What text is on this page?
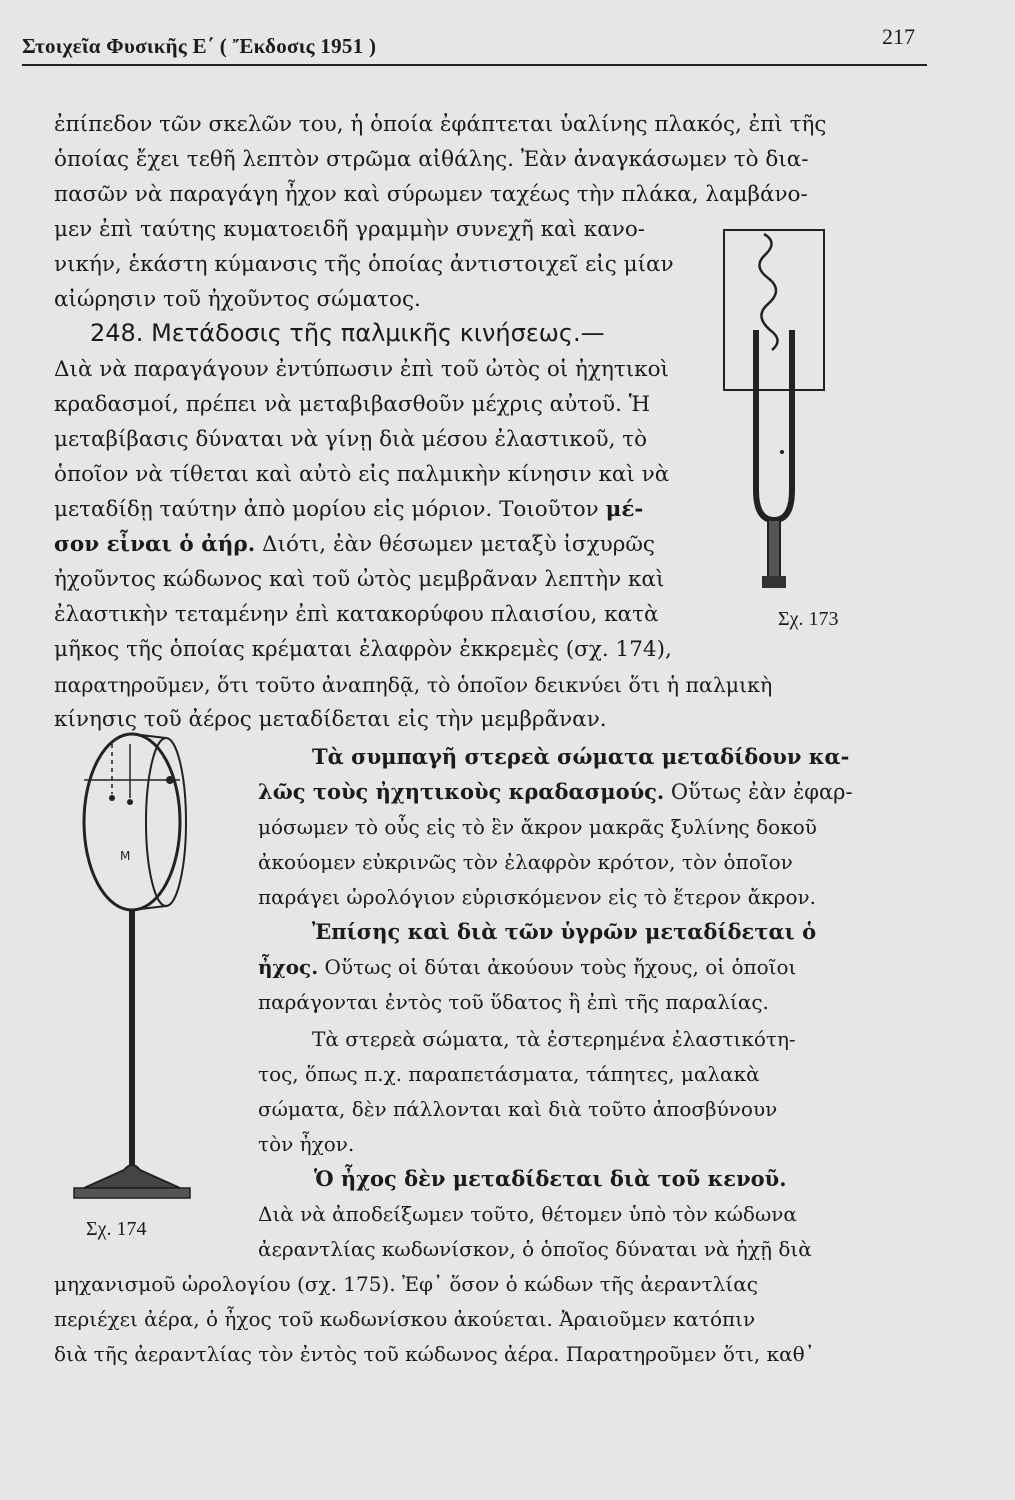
Στοιχεῖα Φυσικῆς Ε΄ ( Ἔκδοσις 1951 )	217
ἐπίπεδον τῶν σκελῶν του, ἡ ὁποία ἐφάπτεται ὑαλίνης πλακός, ἐπὶ τῆς
ὁποίας ἔχει τεθῆ λεπτὸν στρῶμα αἰθάλης. Ἐὰν ἀναγκάσωμεν τὸ δια-
πασῶν νὰ παραγάγη ἦχον καὶ σύρωμεν ταχέως τὴν πλάκα, λαμβάνο-
μεν ἐπὶ ταύτης κυματοειδῆ γραμμὴν συνεχῆ καὶ κανο-
νικήν, ἑκάστη κύμανσις τῆς ὁποίας ἀντιστοιχεῖ εἰς μίαν
αἰώρησιν τοῦ ἠχοῦντος σώματος.
248. Μετάδοσις τῆς παλμικῆς κινήσεως.—
Διὰ νὰ παραγάγουν ἐντύπωσιν ἐπὶ τοῦ ὠτὸς οἱ ἠχητικοὶ
κραδασμοί, πρέπει νὰ μεταβιβασθοῦν μέχρις αὐτοῦ. Ἡ
μεταβίβασις δύναται νὰ γίνῃ διὰ μέσου ἐλαστικοῦ, τὸ
ὁποῖον νὰ τίθεται καὶ αὐτὸ εἰς παλμικὴν κίνησιν καὶ νὰ
μεταδίδῃ ταύτην ἀπὸ μορίου εἰς μόριον. Τοιοῦτον μέ-
σον εἶναι ὁ ἀήρ. Διότι, ἐὰν θέσωμεν μεταξὺ ἰσχυρῶς
ἠχοῦντος κώδωνος καὶ τοῦ ὠτὸς μεμβρᾶναν λεπτὴν καὶ
ἐλαστικὴν τεταμένην ἐπὶ κατακορύφου πλαισίου, κατὰ
μῆκος τῆς ὁποίας κρέμαται ἐλαφρὸν ἐκκρεμὲς (σχ. 174),
παρατηροῦμεν, ὅτι τοῦτο ἀναπηδᾷ, τὸ ὁποῖον δεικνύει ὅτι ἡ παλμικὴ
κίνησις τοῦ ἀέρος μεταδίδεται εἰς τὴν μεμβρᾶναν.
Τὰ συμπαγῆ στερεὰ σώματα μεταδίδουν κα-
λῶς τοὺς ἠχητικοὺς κραδασμούς. Οὕτως ἐὰν ἐφαρ-
μόσωμεν τὸ οὖς εἰς τὸ ἓν ἄκρον μακρᾶς ξυλίνης δοκοῦ
ἀκούομεν εὐκρινῶς τὸν ἐλαφρὸν κρότον, τὸν ὁποῖον
παράγει ὡρολόγιον εὑρισκόμενον εἰς τὸ ἕτερον ἄκρον.
Ἐπίσης καὶ διὰ τῶν ὑγρῶν μεταδίδεται ὁ
ἦχος. Οὕτως οἱ δύται ἀκούουν τοὺς ἤχους, οἱ ὁποῖοι
παράγονται ἐντὸς τοῦ ὕδατος ἢ ἐπὶ τῆς παραλίας.
Τὰ στερεὰ σώματα, τὰ ἐστερημένα ἐλαστικότη-
τος, ὅπως π.χ. παραπετάσματα, τάπητες, μαλακὰ
σώματα, δὲν πάλλονται καὶ διὰ τοῦτο ἀποσβύνουν
τὸν ἦχον.
Ὁ ἦχος δὲν μεταδίδεται διὰ τοῦ κενοῦ.
Διὰ νὰ ἀποδείξωμεν τοῦτο, θέτομεν ὑπὸ τὸν κώδωνα
ἀεραντλίας κωδωνίσκον, ὁ ὁποῖος δύναται νὰ ἠχῇ διὰ
μηχανισμοῦ ὡρολογίου (σχ. 175). Ἐφ᾽ ὅσον ὁ κώδων τῆς ἀεραντλίας
περιέχει ἀέρα, ὁ ἦχος τοῦ κωδωνίσκου ἀκούεται. Ἀραιοῦμεν κατόπιν
διὰ τῆς ἀεραντλίας τὸν ἐντὸς τοῦ κώδωνος ἀέρα. Παρατηροῦμεν ὅτι, καθ᾽
Σχ. 173
M
Σχ. 174
